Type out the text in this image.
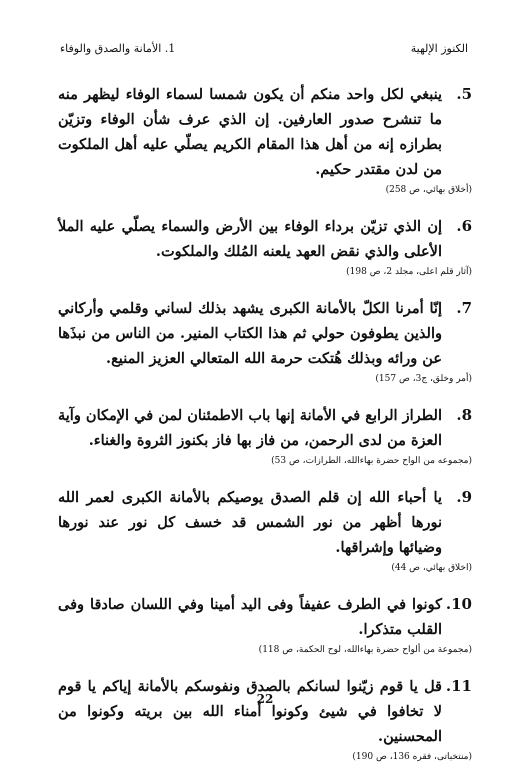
الكنوز الإلهية
1. الأمانة والصدق والوفاء
5.
ينبغي لكل واحد منكم أن يكون شمسا لسماء الوفاء ليظهر منه ما تنشرح صدور العارفين. إن الذي عرف شأن الوفاء وتزيّن بطرازه إنه من أهل هذا المقام الكريم يصلّي عليه أهل الملكوت من لدن مقتدر حكيم.
(أخلاق بهائي، ص 258)
6.
إن الذي تزيّن برداء الوفاء بين الأرض والسماء يصلّي عليه الملأ الأعلى والذي نقض العهد يلعنه المُلك والملكوت.
(آثار قلم اعلى، مجلد 2، ص 198)
7.
إنّا أمرنا الكلّ بالأمانة الكبرى يشهد بذلك لساني وقلمي وأركاني والذين يطوفون حولي ثم هذا الكتاب المنير. من الناس من نبذَها عن ورائه وبذلك هُتكت حرمة الله المتعالي العزيز المنيع.
(أمر وخلق، ج3، ص 157)
8.
الطراز الرابع في الأمانة إنها باب الاطمئنان لمن في الإمكان وآية العزة من لدى الرحمن، من فاز بها فاز بكنوز الثروة والغناء.
(مجموعه من الواح حضرة بهاءالله، الطرازات، ص 53)
9.
يا أحباء الله إن قلم الصدق يوصيكم بالأمانة الكبرى لعمر الله نورها أظهر من نور الشمس قد خسف كل نور عند نورها وضيائها وإشراقها.
(اخلاق بهائي، ص 44)
10.
كونوا في الطرف عفيفاً وفى اليد أمينا وفي اللسان صادقا وفى القلب متذكرا.
(مجموعة من ألواح حضرة بهاءالله، لوح الحكمة، ص 118)
11.
قل يا قوم زيّنوا لسانكم بالصدق ونفوسكم بالأمانة إياكم يا قوم لا تخافوا في شيئ وكونوا أمناء الله بين بريته وكونوا من المحسنين.
(منتخباتى، فقره 136، ص 190)
22
